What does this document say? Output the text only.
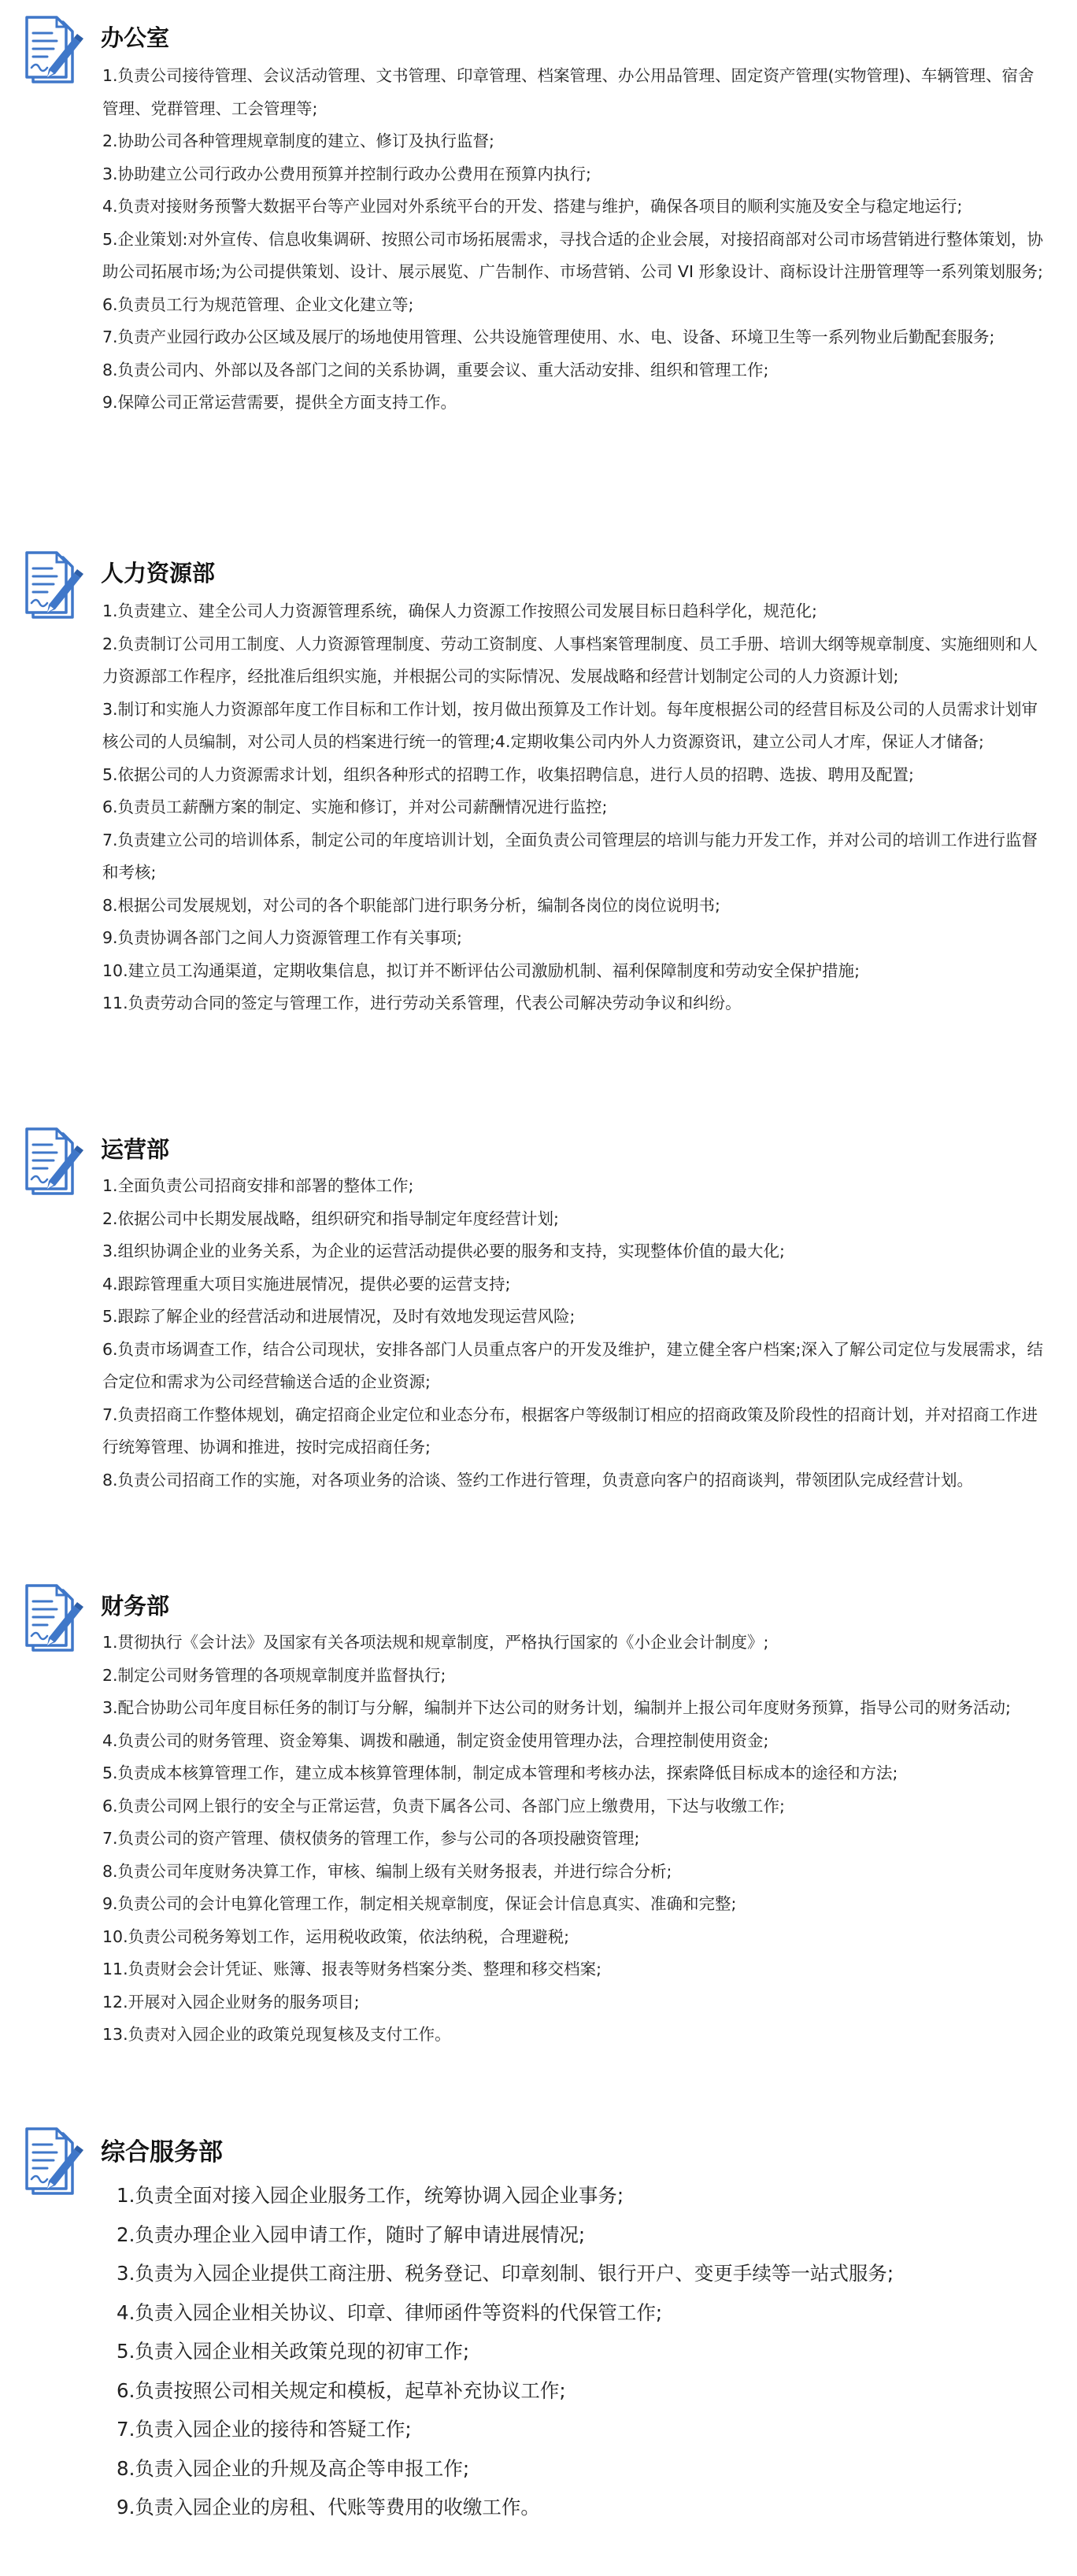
办公室

1.负责公司接待管理、会议活动管理、文书管理、印章管理、档案管理、办公用品管理、固定资产管理(实物管理)、车辆管理、宿舍管理、党群管理、工会管理等;

2.协助公司各种管理规章制度的建立、修订及执行监督;

3.协助建立公司行政办公费用预算并控制行政办公费用在预算内执行;

4.负责对接财务预警大数据平台等产业园对外系统平台的开发、搭建与维护，确保各项目的顺利实施及安全与稳定地运行;

5.企业策划:对外宣传、信息收集调研、按照公司市场拓展需求，寻找合适的企业会展，对接招商部对公司市场营销进行整体策划，协助公司拓展市场;为公司提供策划、设计、展示展览、广告制作、市场营销、公司 VI 形象设计、商标设计注册管理等一系列策划服务;

6.负责员工行为规范管理、企业文化建立等;

7.负责产业园行政办公区域及展厅的场地使用管理、公共设施管理使用、水、电、设备、环境卫生等一系列物业后勤配套服务;

8.负责公司内、外部以及各部门之间的关系协调，重要会议、重大活动安排、组织和管理工作;

9.保障公司正常运营需要，提供全方面支持工作。

人力资源部

1.负责建立、建全公司人力资源管理系统，确保人力资源工作按照公司发展目标日趋科学化，规范化;

2.负责制订公司用工制度、人力资源管理制度、劳动工资制度、人事档案管理制度、员工手册、培训大纲等规章制度、实施细则和人力资源部工作程序，经批准后组织实施，并根据公司的实际情况、发展战略和经营计划制定公司的人力资源计划;

3.制订和实施人力资源部年度工作目标和工作计划，按月做出预算及工作计划。每年度根据公司的经营目标及公司的人员需求计划审核公司的人员编制，对公司人员的档案进行统一的管理;4.定期收集公司内外人力资源资讯，建立公司人才库，保证人才储备;

5.依据公司的人力资源需求计划，组织各种形式的招聘工作，收集招聘信息，进行人员的招聘、选拔、聘用及配置;

6.负责员工薪酬方案的制定、实施和修订，并对公司薪酬情况进行监控;

7.负责建立公司的培训体系，制定公司的年度培训计划，全面负责公司管理层的培训与能力开发工作，并对公司的培训工作进行监督和考核;

8.根据公司发展规划，对公司的各个职能部门进行职务分析，编制各岗位的岗位说明书;

9.负责协调各部门之间人力资源管理工作有关事项;

10.建立员工沟通渠道，定期收集信息，拟订并不断评估公司激励机制、福利保障制度和劳动安全保护措施;

11.负责劳动合同的签定与管理工作，进行劳动关系管理，代表公司解决劳动争议和纠纷。

运营部

1.全面负责公司招商安排和部署的整体工作;

2.依据公司中长期发展战略，组织研究和指导制定年度经营计划;

3.组织协调企业的业务关系，为企业的运营活动提供必要的服务和支持，实现整体价值的最大化;

4.跟踪管理重大项目实施进展情况，提供必要的运营支持;

5.跟踪了解企业的经营活动和进展情况，及时有效地发现运营风险;

6.负责市场调查工作，结合公司现状，安排各部门人员重点客户的开发及维护，建立健全客户档案;深入了解公司定位与发展需求，结合定位和需求为公司经营输送合适的企业资源;

7.负责招商工作整体规划，确定招商企业定位和业态分布，根据客户等级制订相应的招商政策及阶段性的招商计划，并对招商工作进行统筹管理、协调和推进，按时完成招商任务;

8.负责公司招商工作的实施，对各项业务的洽谈、签约工作进行管理，负责意向客户的招商谈判，带领团队完成经营计划。

财务部

1.贯彻执行《会计法》及国家有关各项法规和规章制度，严格执行国家的《小企业会计制度》;

2.制定公司财务管理的各项规章制度并监督执行;

3.配合协助公司年度目标任务的制订与分解，编制并下达公司的财务计划，编制并上报公司年度财务预算，指导公司的财务活动;

4.负责公司的财务管理、资金筹集、调拨和融通，制定资金使用管理办法，合理控制使用资金;

5.负责成本核算管理工作，建立成本核算管理体制，制定成本管理和考核办法，探索降低目标成本的途径和方法;

6.负责公司网上银行的安全与正常运营，负责下属各公司、各部门应上缴费用，下达与收缴工作;

7.负责公司的资产管理、债权债务的管理工作，参与公司的各项投融资管理;

8.负责公司年度财务决算工作，审核、编制上级有关财务报表，并进行综合分析;

9.负责公司的会计电算化管理工作，制定相关规章制度，保证会计信息真实、准确和完整;

10.负责公司税务筹划工作，运用税收政策，依法纳税，合理避税;

11.负责财会会计凭证、账簿、报表等财务档案分类、整理和移交档案;

12.开展对入园企业财务的服务项目;

13.负责对入园企业的政策兑现复核及支付工作。

综合服务部

1.负责全面对接入园企业服务工作，统筹协调入园企业事务;

2.负责办理企业入园申请工作，随时了解申请进展情况;

3.负责为入园企业提供工商注册、税务登记、印章刻制、银行开户、变更手续等一站式服务;

4.负责入园企业相关协议、印章、律师函件等资料的代保管工作;

5.负责入园企业相关政策兑现的初审工作;

6.负责按照公司相关规定和模板，起草补充协议工作;

7.负责入园企业的接待和答疑工作;

8.负责入园企业的升规及高企等申报工作;

9.负责入园企业的房租、代账等费用的收缴工作。
